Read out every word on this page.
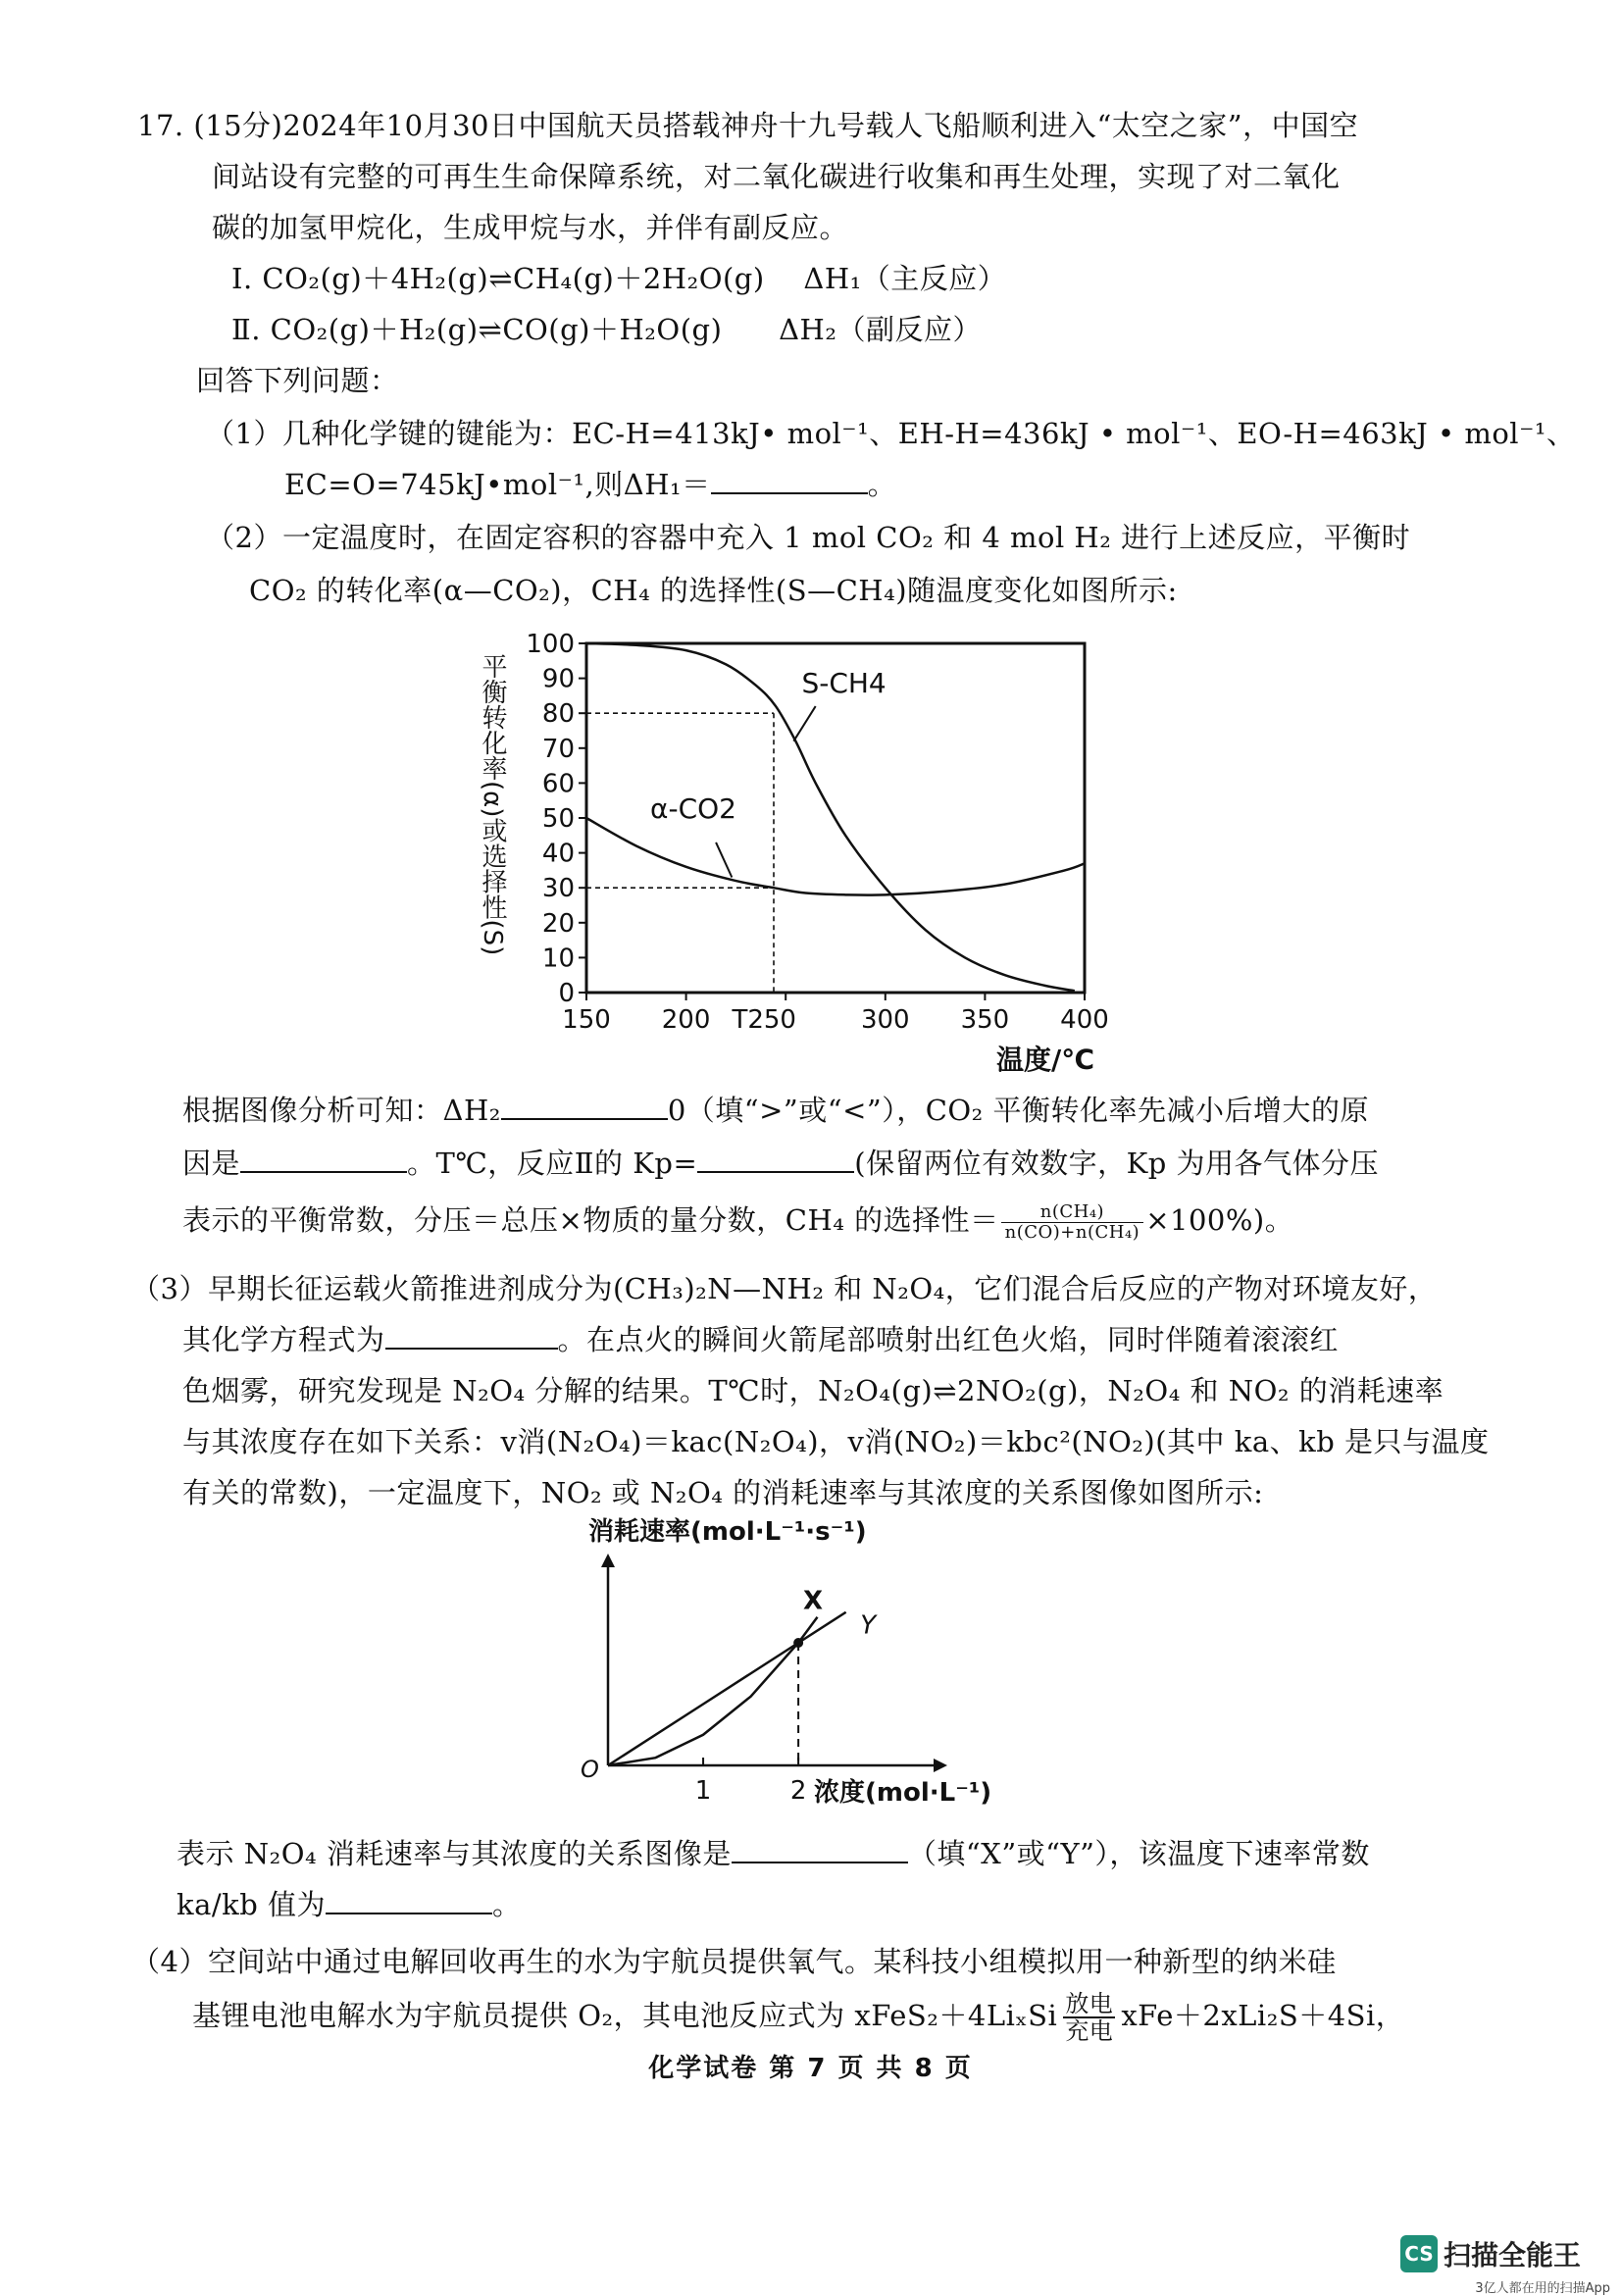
17. (15分)2024年10月30日中国航天员搭载神舟十九号载人飞船顺利进入“太空之家”，中国空
间站设有完整的可再生生命保障系统，对二氧化碳进行收集和再生处理，实现了对二氧化
碳的加氢甲烷化，生成甲烷与水，并伴有副反应。
Ⅰ. CO₂(g)＋4H₂(g)⇌CH₄(g)＋2H₂O(g) ΔH₁（主反应）
Ⅱ. CO₂(g)＋H₂(g)⇌CO(g)＋H₂O(g) ΔH₂（副反应）
回答下列问题：
（1）几种化学键的键能为：EC-H=413kJ• mol⁻¹、EH-H=436kJ • mol⁻¹、EO-H=463kJ • mol⁻¹、
EC=O=745kJ•mol⁻¹,则ΔH₁＝	。
（2）一定温度时，在固定容积的容器中充入 1 mol CO₂ 和 4 mol H₂ 进行上述反应，平衡时
CO₂ 的转化率(α—CO₂)，CH₄ 的选择性(S—CH₄)随温度变化如图所示:
0
10
20
30
40
50
60
70
80
90
100
150 200 T250	300 350 400
S-CH4
α-CO2
平衡转化率(α)或选择性(S)
温度/℃
根据图像分析可知：ΔH₂	0（填“>”或“<”），CO₂ 平衡转化率先减小后增大的原
因是	。T℃，反应Ⅱ的 Kp=	(保留两位有效数字，Kp 为用各气体分压
表示的平衡常数，分压＝总压×物质的量分数，CH₄ 的选择性＝ $\frac{\text{n(CH₄)}}{\text{n(CO)+n(CH₄)}} \times 100\%$)。
（3）早期长征运载火箭推进剂成分为(CH₃)₂N—NH₂ 和 N₂O₄，它们混合后反应的产物对环境友好，
其化学方程式为	。在点火的瞬间火箭尾部喷射出红色火焰，同时伴随着滚滚红
色烟雾，研究发现是 N₂O₄ 分解的结果。T℃时，N₂O₄(g)⇌2NO₂(g)，N₂O₄ 和 NO₂ 的消耗速率
与其浓度存在如下关系：v消(N₂O₄)＝kac(N₂O₄)，v消(NO₂)＝kbc²(NO₂)(其中 ka、kb 是只与温度
有关的常数)，一定温度下，NO₂ 或 N₂O₄ 的消耗速率与其浓度的关系图像如图所示:
X
Y
1	2
消耗速率(mol·L⁻¹·s⁻¹)
浓度(mol·L⁻¹)
O
表示 N₂O₄ 消耗速率与其浓度的关系图像是	（填“X”或“Y”），该温度下速率常数
ka/kb 值为	。
（4）空间站中通过电解回收再生的水为宇航员提供氧气。某科技小组模拟用一种新型的纳米硅
基锂电池电解水为宇航员提供 O₂，其电池反应式为 xFeS₂＋4LiₓSi 放电
充电 xFe＋2xLi₂S＋4Si，
化学试卷 第 7 页 共 8 页
CS 扫描全能王
3亿人都在用的扫描App
